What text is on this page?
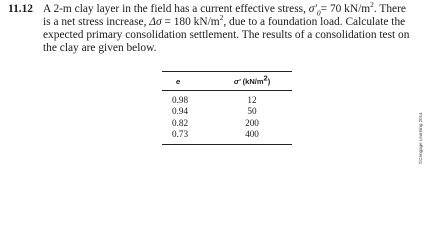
11.12 A 2-m clay layer in the field has a current effective stress, $\sigma'_0= 70$ $kN/m^2$. There
is a net stress increase, Δσ = 180 $kN/m^2$, due to a foundation load. Calculate the
expected primary consolidation settlement. The results of a consolidation test on
the clay are given below.
e	σ′ $(kN/m^2)$
0.98	12
0.94	50
0.82	200
0.73	400	©Cengage Learning 2014
